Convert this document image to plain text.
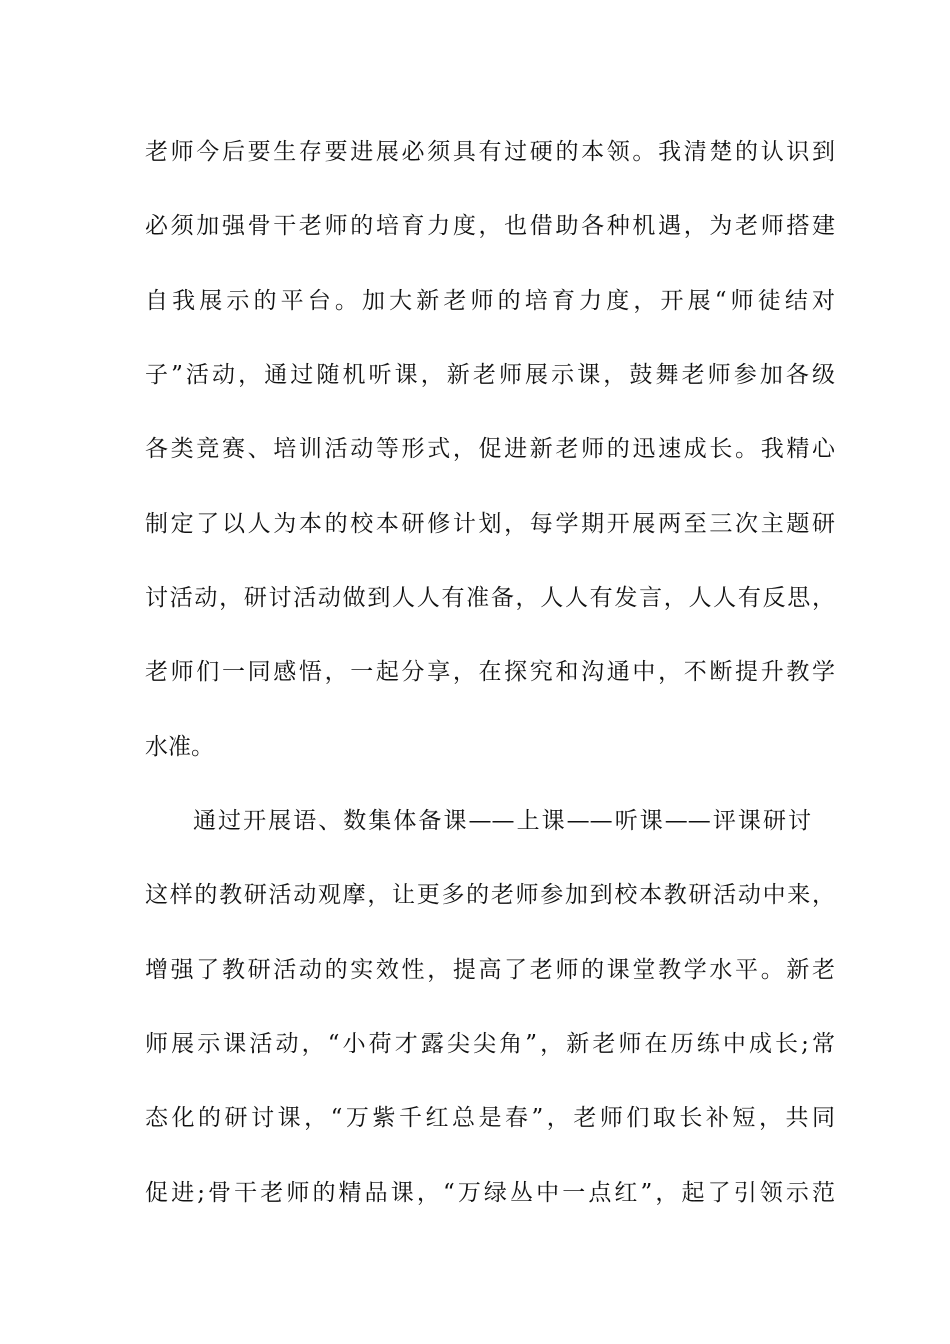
老师今后要生存要进展必须具有过硬的本领。我清楚的认识到
必须加强骨干老师的培育力度，也借助各种机遇，为老师搭建
自我展示的平台。加大新老师的培育力度，开展“师徒结对
子”活动，通过随机听课，新老师展示课，鼓舞老师参加各级
各类竞赛、培训活动等形式，促进新老师的迅速成长。我精心
制定了以人为本的校本研修计划，每学期开展两至三次主题研
讨活动，研讨活动做到人人有准备，人人有发言，人人有反思，
老师们一同感悟，一起分享，在探究和沟通中，不断提升教学
水准。
通过开展语、数集体备课——上课——听课——评课研讨
这样的教研活动观摩，让更多的老师参加到校本教研活动中来，
增强了教研活动的实效性，提高了老师的课堂教学水平。新老
师展示课活动，“小荷才露尖尖角”，新老师在历练中成长;常
态化的研讨课，“万紫千红总是春”，老师们取长补短，共同
促进;骨干老师的精品课，“万绿丛中一点红”，起了引领示范
